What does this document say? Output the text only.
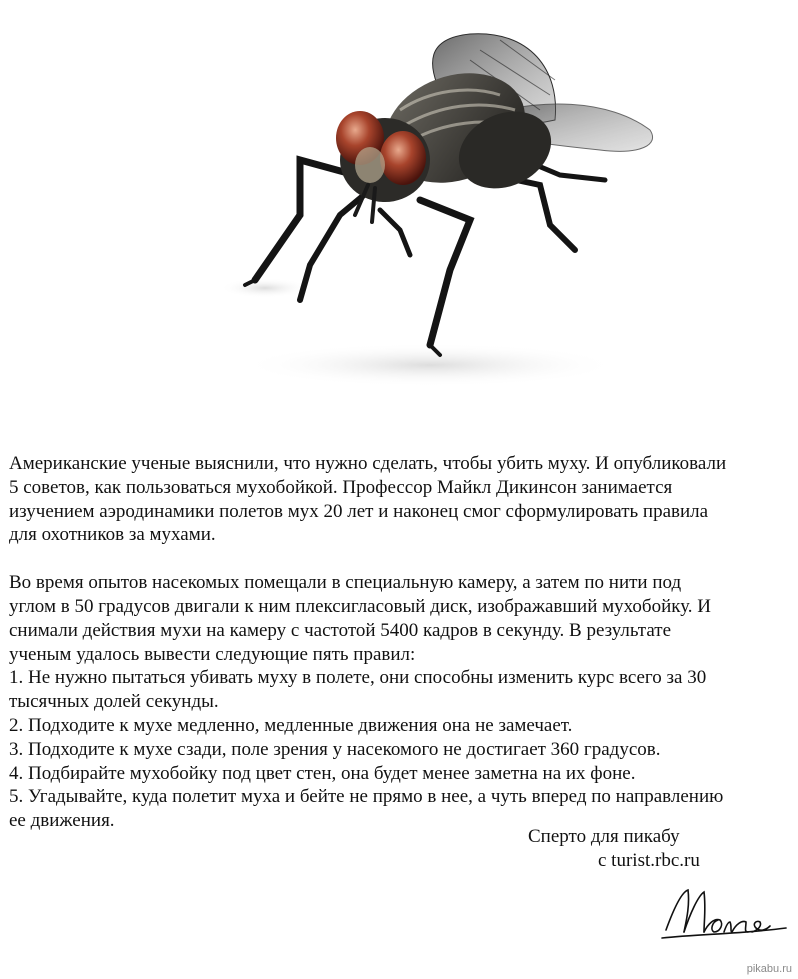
Американские ученые выяснили, что нужно сделать, чтобы убить муху. И опубликовали

5 советов, как пользоваться мухобойкой. Профессор Майкл Дикинсон занимается

изучением аэродинамики полетов мух 20 лет и наконец смог сформулировать правила

для охотников за мухами.

Во время опытов насекомых помещали в специальную камеру, а затем по нити под

углом в 50 градусов двигали к ним плексигласовый диск, изображавший мухобойку. И

снимали действия мухи на камеру с частотой 5400 кадров в секунду. В результате

ученым удалось вывести следующие пять правил:

1. Не нужно пытаться убивать муху в полете, они способны изменить курс всего за 30

тысячных долей секунды.

2. Подходите к мухе медленно, медленные движения она не замечает.

3. Подходите к мухе сзади, поле зрения у насекомого не достигает 360 градусов.

4. Подбирайте мухобойку под цвет стен, она будет менее заметна на их фоне.

5. Угадывайте, куда полетит муха и бейте не прямо в нее, а чуть вперед по направлению

ее движения.

Сперто для пикабу
с turist.rbc.ru
pikabu.ru
